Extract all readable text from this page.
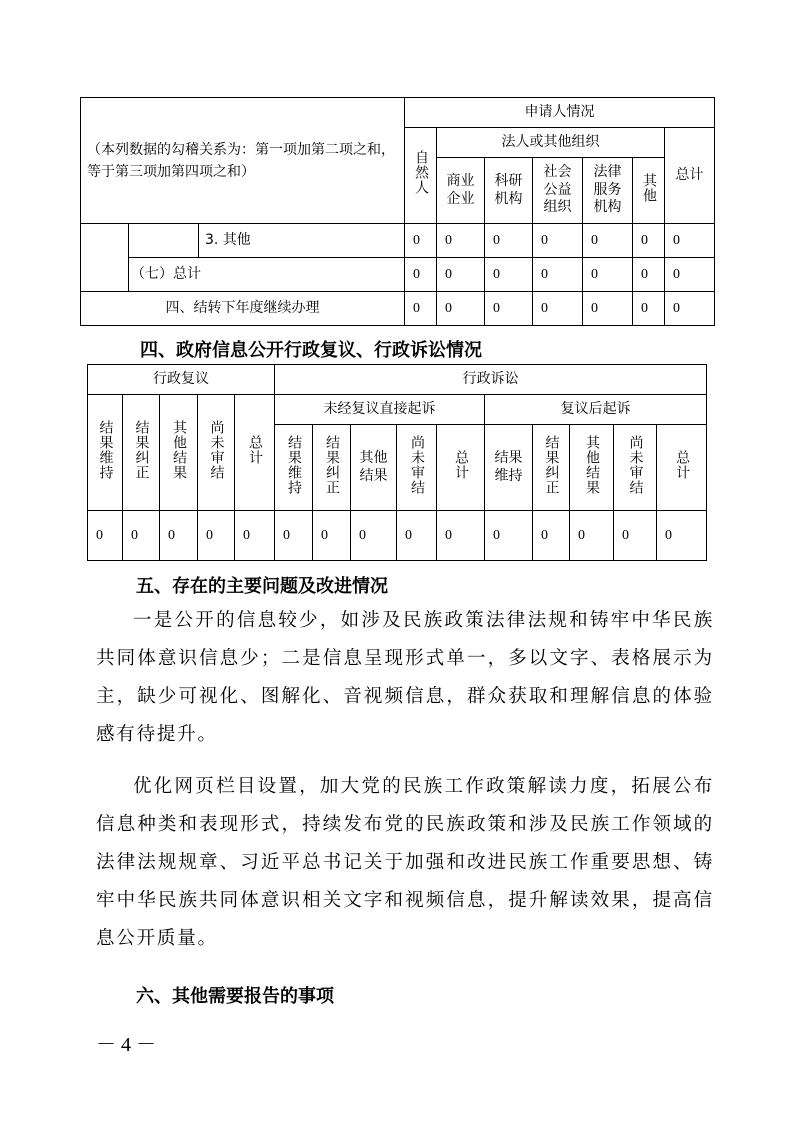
（本列数据的勾稽关系为：第一项加第二项之和，等于第三项加第四项之和）			申请人情况						
			自然人	法人或其他组织					总计

				商业企业	科研机构	社会公益组织	法律服务机构	其他	
		3. 其他	0	0	0	0	0	0	0
	（七）总计		0	0	0	0	0	0	0
四、结转下年度继续办理			0	0	0	0	0	0	0
四、政府信息公开行政复议、行政诉讼情况
行政复议					行政诉讼									
结果维持	结果纠正	其他结果	尚未审结	总计	未经复议直接起诉					复议后起诉				
					结果维持	结果纠正	其他结果	尚未审结	总计	结果维持	结果纠正	其他结果	尚未审结	总计
0	0	0	0	0	0	0	0	0	0	0	0	0	0	0
五、存在的主要问题及改进情况

一是公开的信息较少，如涉及民族政策法律法规和铸牢中华民族共同体意识信息少；二是信息呈现形式单一，多以文字、表格展示为主，缺少可视化、图解化、音视频信息，群众获取和理解信息的体验感有待提升。

优化网页栏目设置，加大党的民族工作政策解读力度，拓展公布信息种类和表现形式，持续发布党的民族政策和涉及民族工作领域的法律法规规章、习近平总书记关于加强和改进民族工作重要思想、铸牢中华民族共同体意识相关文字和视频信息，提升解读效果，提高信息公开质量。

六、其他需要报告的事项
－ 4 －
